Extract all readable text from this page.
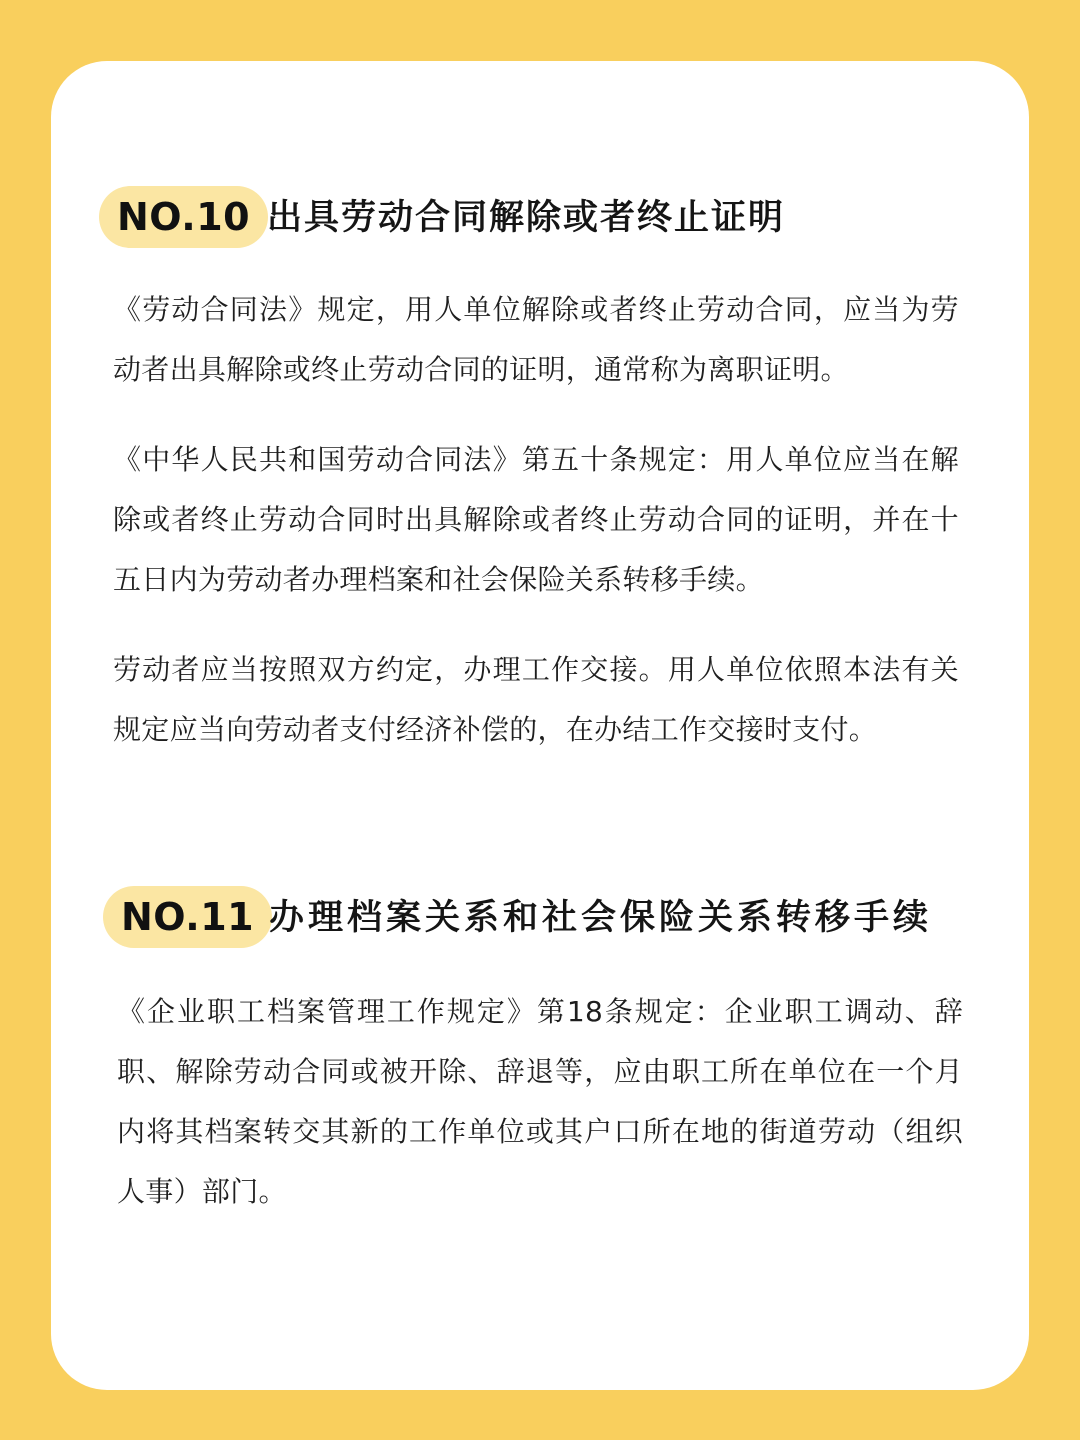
NO.10 出具劳动合同解除或者终止证明

《劳动合同法》规定，用人单位解除或者终止劳动合同，应当为劳动者出具解除或终止劳动合同的证明，通常称为离职证明。

《中华人民共和国劳动合同法》第五十条规定：用人单位应当在解除或者终止劳动合同时出具解除或者终止劳动合同的证明，并在十五日内为劳动者办理档案和社会保险关系转移手续。

劳动者应当按照双方约定，办理工作交接。用人单位依照本法有关规定应当向劳动者支付经济补偿的，在办结工作交接时支付。

NO.11 办理档案关系和社会保险关系转移手续

《企业职工档案管理工作规定》第18条规定：企业职工调动、辞职、解除劳动合同或被开除、辞退等，应由职工所在单位在一个月内将其档案转交其新的工作单位或其户口所在地的街道劳动（组织人事）部门。
